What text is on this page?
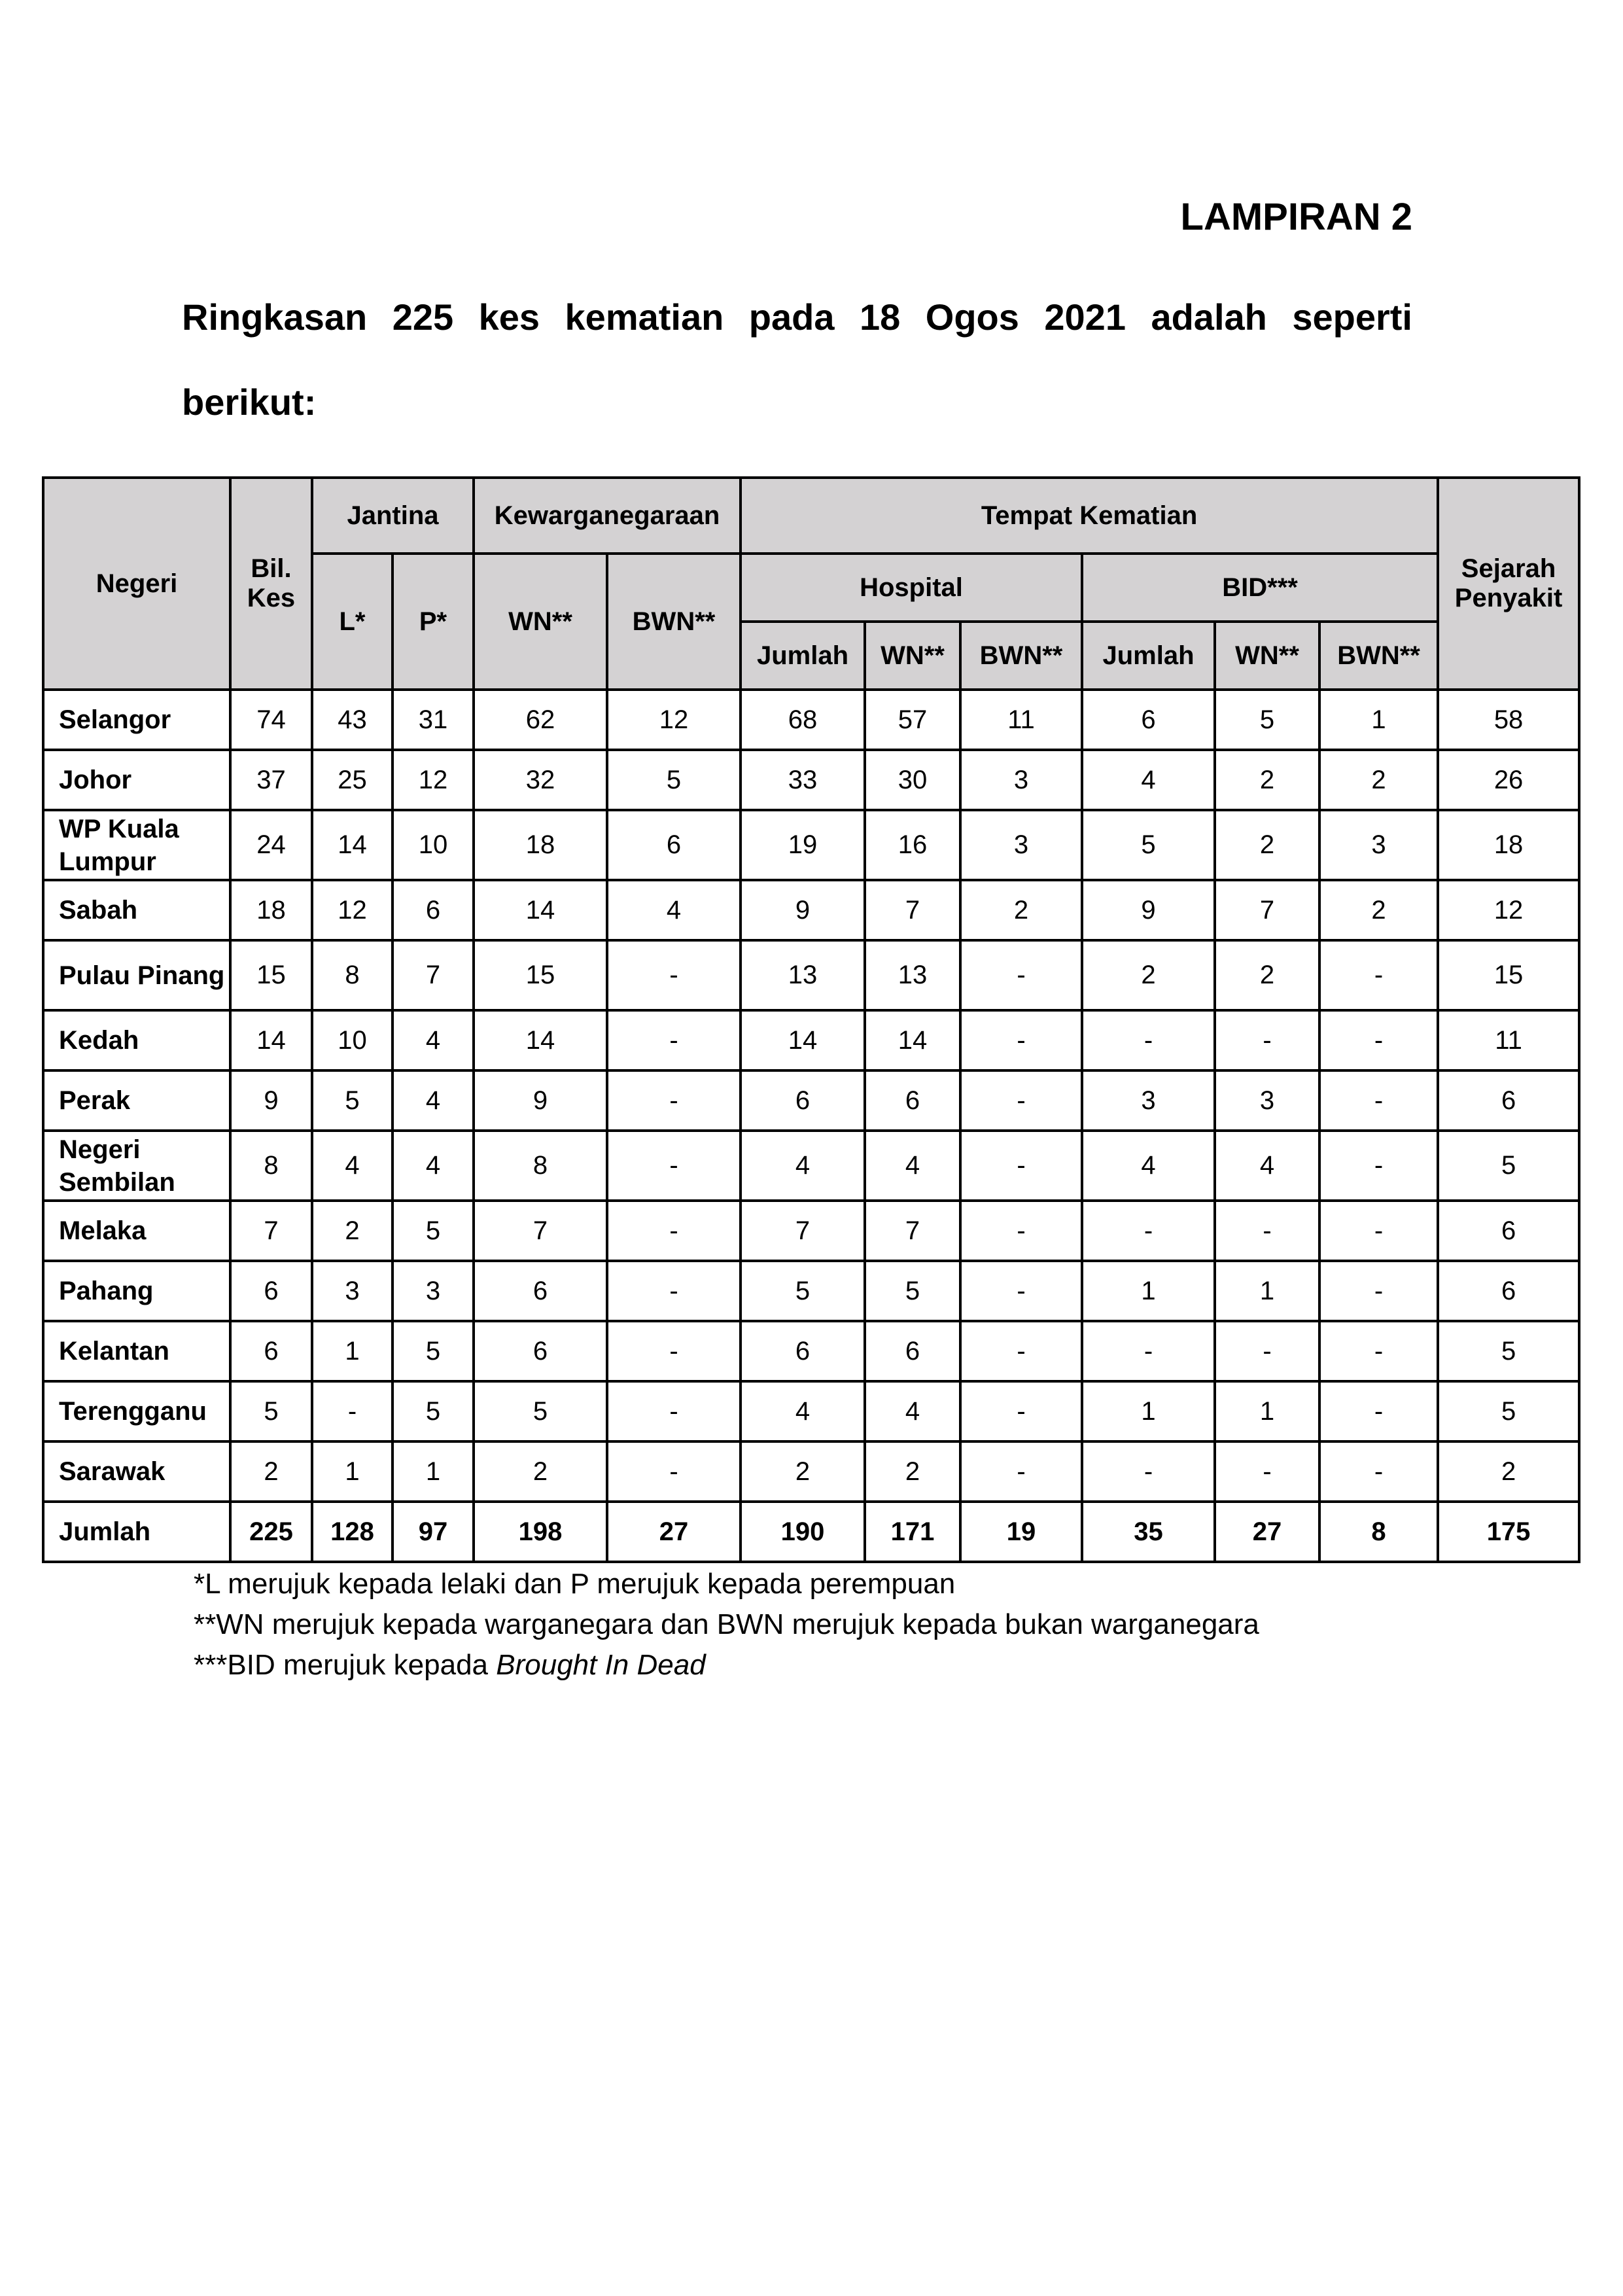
LAMPIRAN 2

Ringkasan 225 kes kematian pada 18 Ogos 2021 adalah seperti berikut:

Negeri	Bil. Kes	Jantina		Kewarganegaraan		Tempat Kematian						Sejarah Penyakit
		L*	P*	WN**	BWN**	Hospital			BID***			
						Jumlah	WN**	BWN**	Jumlah	WN**	BWN**	
Selangor	74	43	31	62	12	68	57	11	6	5	1	58
Johor	37	25	12	32	5	33	30	3	4	2	2	26
WP Kuala Lumpur	24	14	10	18	6	19	16	3	5	2	3	18
Sabah	18	12	6	14	4	9	7	2	9	7	2	12
Pulau Pinang	15	8	7	15	-	13	13	-	2	2	-	15
Kedah	14	10	4	14	-	14	14	-	-	-	-	11
Perak	9	5	4	9	-	6	6	-	3	3	-	6
Negeri Sembilan	8	4	4	8	-	4	4	-	4	4	-	5
Melaka	7	2	5	7	-	7	7	-	-	-	-	6
Pahang	6	3	3	6	-	5	5	-	1	1	-	6
Kelantan	6	1	5	6	-	6	6	-	-	-	-	5
Terengganu	5	-	5	5	-	4	4	-	1	1	-	5
Sarawak	2	1	1	2	-	2	2	-	-	-	-	2
Jumlah	225	128	97	198	27	190	171	19	35	27	8	175

*L merujuk kepada lelaki dan P merujuk kepada perempuan

**WN merujuk kepada warganegara dan BWN merujuk kepada bukan warganegara

***BID merujuk kepada Brought In Dead
